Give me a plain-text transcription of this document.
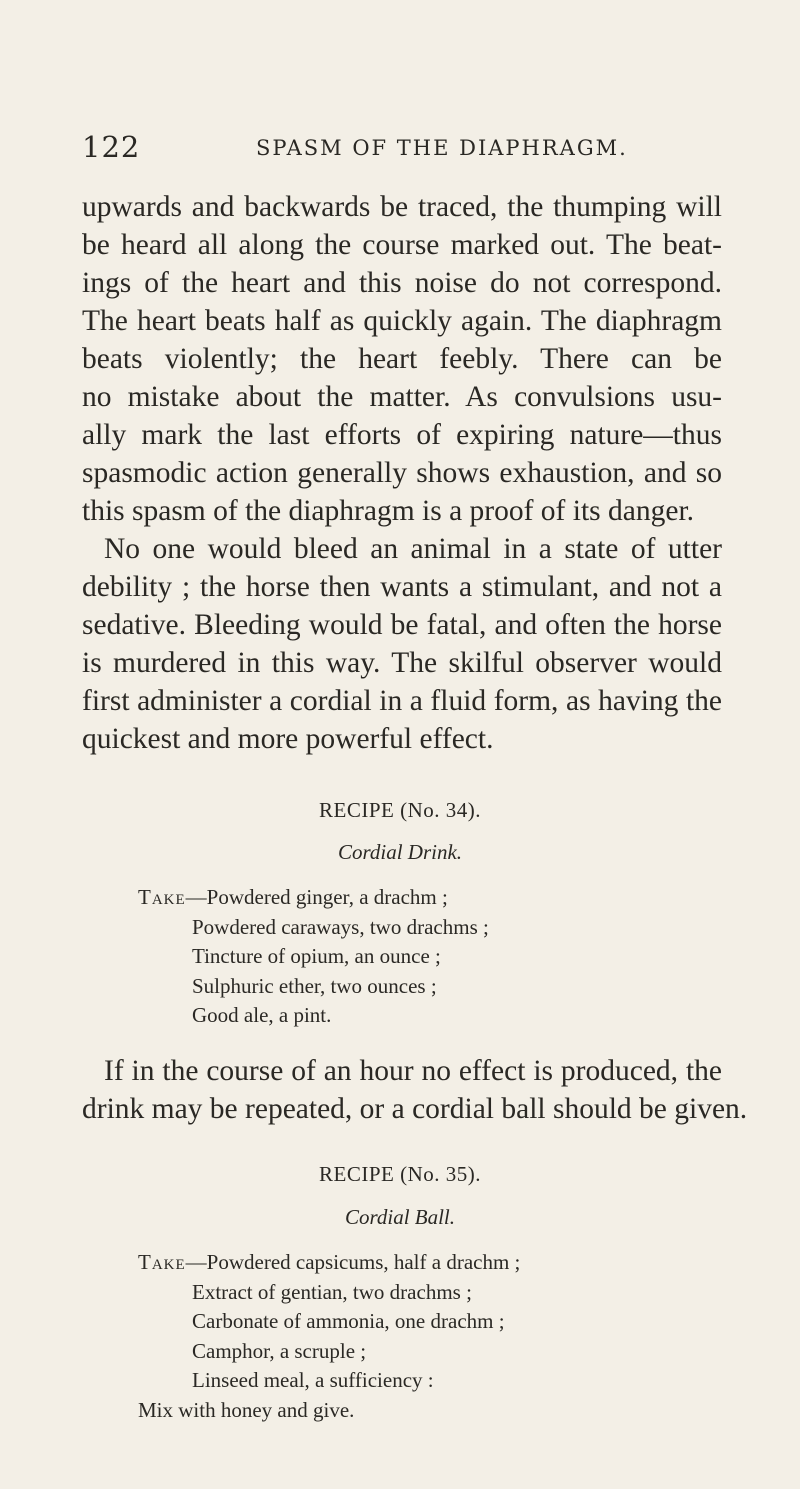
122	SPASM OF THE DIAPHRAGM.

upwards and backwards be traced, the thumping will
be heard all along the course marked out. The beat-
ings of the heart and this noise do not correspond.
The heart beats half as quickly again. The diaphragm
beats violently; the heart feebly. There can be
no mistake about the matter. As convulsions usu-
ally mark the last efforts of expiring nature—thus
spasmodic action generally shows exhaustion, and so
this spasm of the diaphragm is a proof of its danger.

No one would bleed an animal in a state of utter
debility ; the horse then wants a stimulant, and not a
sedative. Bleeding would be fatal, and often the horse
is murdered in this way. The skilful observer would
first administer a cordial in a fluid form, as having the
quickest and more powerful effect.

RECIPE (No. 34).
Cordial Drink.
Take—Powdered ginger, a drachm ;
Powdered caraways, two drachms ;
Tincture of opium, an ounce ;
Sulphuric ether, two ounces ;
Good ale, a pint.

If in the course of an hour no effect is produced, the
drink may be repeated, or a cordial ball should be given.

RECIPE (No. 35).
Cordial Ball.
Take—Powdered capsicums, half a drachm ;
Extract of gentian, two drachms ;
Carbonate of ammonia, one drachm ;
Camphor, a scruple ;
Linseed meal, a sufficiency :
Mix with honey and give.
